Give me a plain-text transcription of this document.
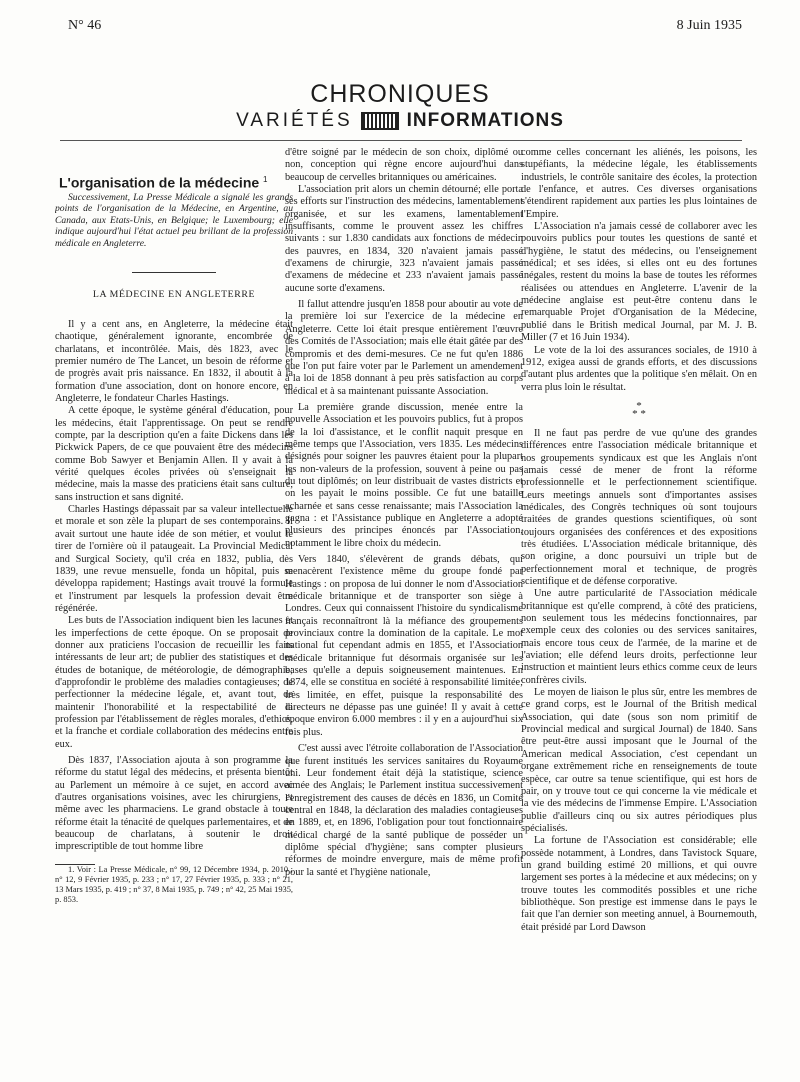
N° 46	8 Juin 1935
CHRONIQUES
VARIÉTÉS	INFORMATIONS
L'organisation de la médecine $^1$

Successivement, La Presse Médicale a signalé les grands points de l'organisation de la Médecine, en Argentine, au Canada, aux Etats-Unis, en Belgique; le Luxembourg; elle indique aujourd'hui l'état actuel peu brillant de la profession médicale en Angleterre.

LA MÉDECINE EN ANGLETERRE

Il y a cent ans, en Angleterre, la médecine était chaotique, généralement ignorante, encombrée de charlatans, et incontrôlée. Mais, dès 1823, avec le premier numéro de The Lancet, un besoin de réforme et de progrès avait pris naissance. En 1832, il aboutit à la formation d'une association, dont on honore encore, en Angleterre, le fondateur Charles Hastings.

A cette époque, le système général d'éducation, pour les médecins, était l'apprentissage. On peut se rendre compte, par la description qu'en a faite Dickens dans les Pickwick Papers, de ce que pouvaient être des médecins comme Bob Sawyer et Benjamin Allen. Il y avait à la vérité quelques écoles privées où s'enseignait la médecine, mais la masse des praticiens était sans culture, sans instruction et sans dignité.

Charles Hastings dépassait par sa valeur intellectuelle et morale et son zèle la plupart de ses contemporains. Il avait surtout une haute idée de son métier, et voulut le tirer de l'ornière où il pataugeait. La Provincial Medical and Surgical Society, qu'il créa en 1832, publia, dès 1839, une revue mensuelle, fonda un hôpital, puis se développa rapidement; Hastings avait trouvé la formule et l'instrument par lesquels la profession devait être régénérée.

Les buts de l'Association indiquent bien les lacunes et les imperfections de cette époque. On se proposait de donner aux praticiens l'occasion de recueillir les faits intéressants de leur art; de publier des statistiques et des études de botanique, de météorologie, de démographie; d'approfondir le problème des maladies contagieuses; de perfectionner la médecine légale, et, avant tout, de maintenir l'honorabilité et la respectabilité de la profession par l'établissement de règles morales, d'ethics, et la franche et cordiale collaboration des médecins entre eux.

Dès 1837, l'Association ajouta à son programme la réforme du statut légal des médecins, et présenta bientôt au Parlement un mémoire à ce sujet, en accord avec d'autres organisations voisines, avec les chirurgiens, et même avec les pharmaciens. Le grand obstacle à toute réforme était la ténacité de quelques parlementaires, et de beaucoup de charlatans, à soutenir le droit imprescriptible de tout homme libre

1. Voir : La Presse Médicale, n° 99, 12 Décembre 1934, p. 2010 ; n° 12, 9 Février 1935, p. 233 ; n° 17, 27 Février 1935, p. 333 ; n° 21, 13 Mars 1935, p. 419 ; n° 37, 8 Mai 1935, p. 749 ; n° 42, 25 Mai 1935, p. 853.

d'être soigné par le médecin de son choix, diplômé ou non, conception qui règne encore aujourd'hui dans beaucoup de cervelles britanniques ou américaines.

L'association prit alors un chemin détourné; elle porta ses efforts sur l'instruction des médecins, lamentablement organisée, et sur les examens, lamentablement insuffisants, comme le prouvent assez les chiffres suivants : sur 1.830 candidats aux fonctions de médecin des pauvres, en 1834, 320 n'avaient jamais passé d'examens de chirurgie, 323 n'avaient jamais passé d'examens de médecine et 233 n'avaient jamais passé aucune sorte d'examens.

Il fallut attendre jusqu'en 1858 pour aboutir au vote de la première loi sur l'exercice de la médecine en Angleterre. Cette loi était presque entièrement l'œuvre des Comités de l'Association; mais elle était gâtée par des compromis et des demi-mesures. Ce ne fut qu'en 1886 que l'on put faire voter par le Parlement un amendement à la loi de 1858 donnant à peu près satisfaction au corps médical et à sa maintenant puissante Association.

La première grande discussion, menée entre la nouvelle Association et les pouvoirs publics, fut à propos de la loi d'assistance, et le conflit naquit presque en même temps que l'Association, vers 1835. Les médecins désignés pour soigner les pauvres étaient pour la plupart les non-valeurs de la profession, souvent à peine ou pas du tout diplômés; on leur distribuait de vastes districts et on les payait le moins possible. Ce fut une bataille acharnée et sans cesse renaissante; mais l'Association la gagna : et l'Assistance publique en Angleterre a adopté plusieurs des principes énoncés par l'Association, notamment le libre choix du médecin.

Vers 1840, s'élevèrent de grands débats, qui menacèrent l'existence même du groupe fondé par Hastings : on proposa de lui donner le nom d'Association médicale britannique et de transporter son siège à Londres. Ceux qui connaissent l'histoire du syndicalisme français reconnaîtront là la méfiance des groupements provinciaux contre la domination de la capitale. Le mot national fut cependant admis en 1855, et l'Association médicale britannique fut désormais organisée sur les bases qu'elle a depuis soigneusement maintenues. En 1874, elle se constitua en société à responsabilité limitée; très limitée, en effet, puisque la responsabilité des directeurs ne dépasse pas une guinée! Il y avait à cette époque environ 6.000 membres : il y en a aujourd'hui six fois plus.

C'est aussi avec l'étroite collaboration de l'Association que furent institués les services sanitaires du Royaume uni. Leur fondement était déjà la statistique, science aimée des Anglais; le Parlement institua successivement l'enregistrement des causes de décès en 1836, un Comité central en 1848, la déclaration des maladies contagieuses en 1889, et, en 1896, l'obligation pour tout fonctionnaire médical chargé de la santé publique de posséder un diplôme spécial d'hygiène; sans compter plusieurs réformes de moindre envergure, mais de même profit pour la santé et l'hygiène nationale,

comme celles concernant les aliénés, les poisons, les stupéfiants, la médecine légale, les établissements industriels, le contrôle sanitaire des écoles, la protection de l'enfance, et autres. Ces diverses organisations s'étendirent rapidement aux parties les plus lointaines de l'Empire.

L'Association n'a jamais cessé de collaborer avec les pouvoirs publics pour toutes les questions de santé et d'hygiène, le statut des médecins, ou l'enseignement médical; et ses idées, si elles ont eu des fortunes inégales, restent du moins la base de toutes les réformes réalisées ou attendues en Angleterre. L'avenir de la médecine anglaise est peut-être contenu dans le remarquable Projet d'Organisation de la Médecine, publié dans le British medical Journal, par M. J. B. Miller (7 et 16 Juin 1934).

Le vote de la loi des assurances sociales, de 1910 à 1912, exigea aussi de grands efforts, et des discussions d'autant plus ardentes que la politique s'en mêlait. On en verra plus loin le résultat.

*
* *

Il ne faut pas perdre de vue qu'une des grandes différences entre l'association médicale britannique et nos groupements syndicaux est que les Anglais n'ont jamais cessé de mener de front la réforme professionnelle et le perfectionnement scientifique. Leurs meetings annuels sont d'importantes assises médicales, des Congrès techniques où sont toujours traitées de grandes questions scientifiques, où sont toujours organisées des conférences et des expositions très étudiées. L'Association médicale britannique, dès son origine, a donc poursuivi un triple but de perfectionnement moral et technique, de progrès scientifique et de défense corporative.

Une autre particularité de l'Association médicale britannique est qu'elle comprend, à côté des praticiens, non seulement tous les médecins fonctionnaires, par exemple ceux des colonies ou des services sanitaires, mais encore tous ceux de l'armée, de la marine et de l'aviation; elle défend leurs droits, perfectionne leur instruction et maintient leurs ethics comme ceux de leurs confrères civils.

Le moyen de liaison le plus sûr, entre les membres de ce grand corps, est le Journal of the British medical Association, qui date (sous son nom primitif de Provincial medical and surgical Journal) de 1840. Sans être peut-être aussi imposant que le Journal of the American medical Association, c'est cependant un organe extrêmement riche en renseignements de toute espèce, car outre sa tenue scientifique, qui est hors de pair, on y trouve tout ce qui concerne la vie médicale et la vie des médecins de l'immense Empire. L'Association publie d'ailleurs cinq ou six autres périodiques plus spécialisés.

La fortune de l'Association est considérable; elle possède notamment, à Londres, dans Tavistock Square, un grand building estimé 20 millions, et qui ouvre largement ses portes à la médecine et aux médecins; on y trouve toutes les commodités possibles et une riche bibliothèque. Son prestige est immense dans le pays le fait que l'an dernier son meeting annuel, à Bournemouth, était présidé par Lord Dawson
